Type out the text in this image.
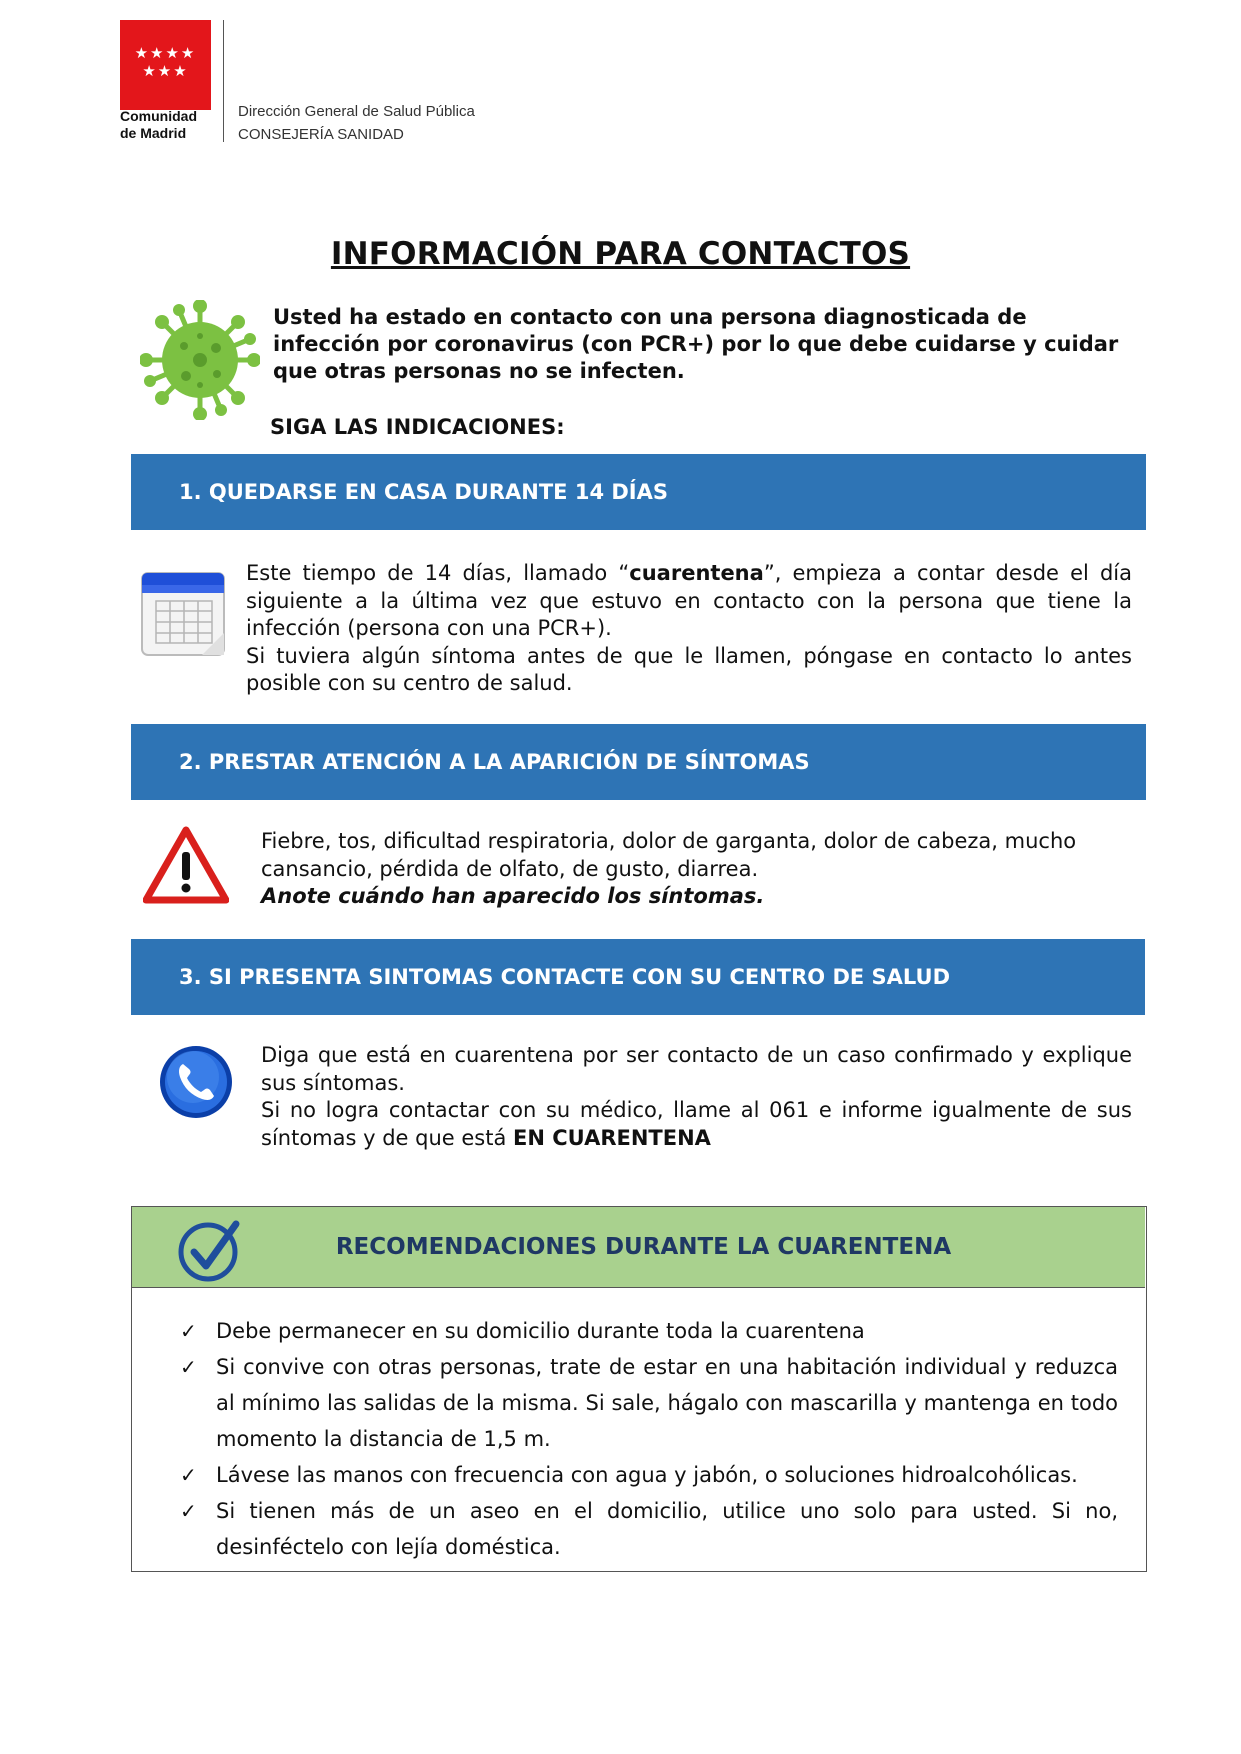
★★★★
★★★
Comunidad
de Madrid
Dirección General de Salud Pública
CONSEJERÍA SANIDAD
INFORMACIÓN PARA CONTACTOS
Usted ha estado en contacto con una persona diagnosticada de infección por coronavirus (con PCR+) por lo que debe cuidarse y cuidar que otras personas no se infecten.
SIGA LAS INDICACIONES:
1. QUEDARSE EN CASA DURANTE 14 DÍAS
Este tiempo de 14 días, llamado “cuarentena”, empieza a contar desde el día siguiente a la última vez que estuvo en contacto con la persona que tiene la infección (persona con una PCR+).
Si tuviera algún síntoma antes de que le llamen, póngase en contacto lo antes posible con su centro de salud.
2. PRESTAR ATENCIÓN A LA APARICIÓN DE SÍNTOMAS
Fiebre, tos, dificultad respiratoria, dolor de garganta, dolor de cabeza, mucho cansancio, pérdida de olfato, de gusto, diarrea.
Anote cuándo han aparecido los síntomas.
3. SI PRESENTA SINTOMAS CONTACTE CON SU CENTRO DE SALUD
Diga que está en cuarentena por ser contacto de un caso confirmado y explique sus síntomas.
Si no logra contactar con su médico, llame al 061 e informe igualmente de sus síntomas y de que está EN CUARENTENA
RECOMENDACIONES DURANTE LA CUARENTENA
✓ Debe permanecer en su domicilio durante toda la cuarentena
✓ Si convive con otras personas, trate de estar en una habitación individual y reduzca al mínimo las salidas de la misma. Si sale, hágalo con mascarilla y mantenga en todo momento la distancia de 1,5 m.
✓ Lávese las manos con frecuencia con agua y jabón, o soluciones hidroalcohólicas.
✓ Si tienen más de un aseo en el domicilio, utilice uno solo para usted. Si no, desinféctelo con lejía doméstica.
